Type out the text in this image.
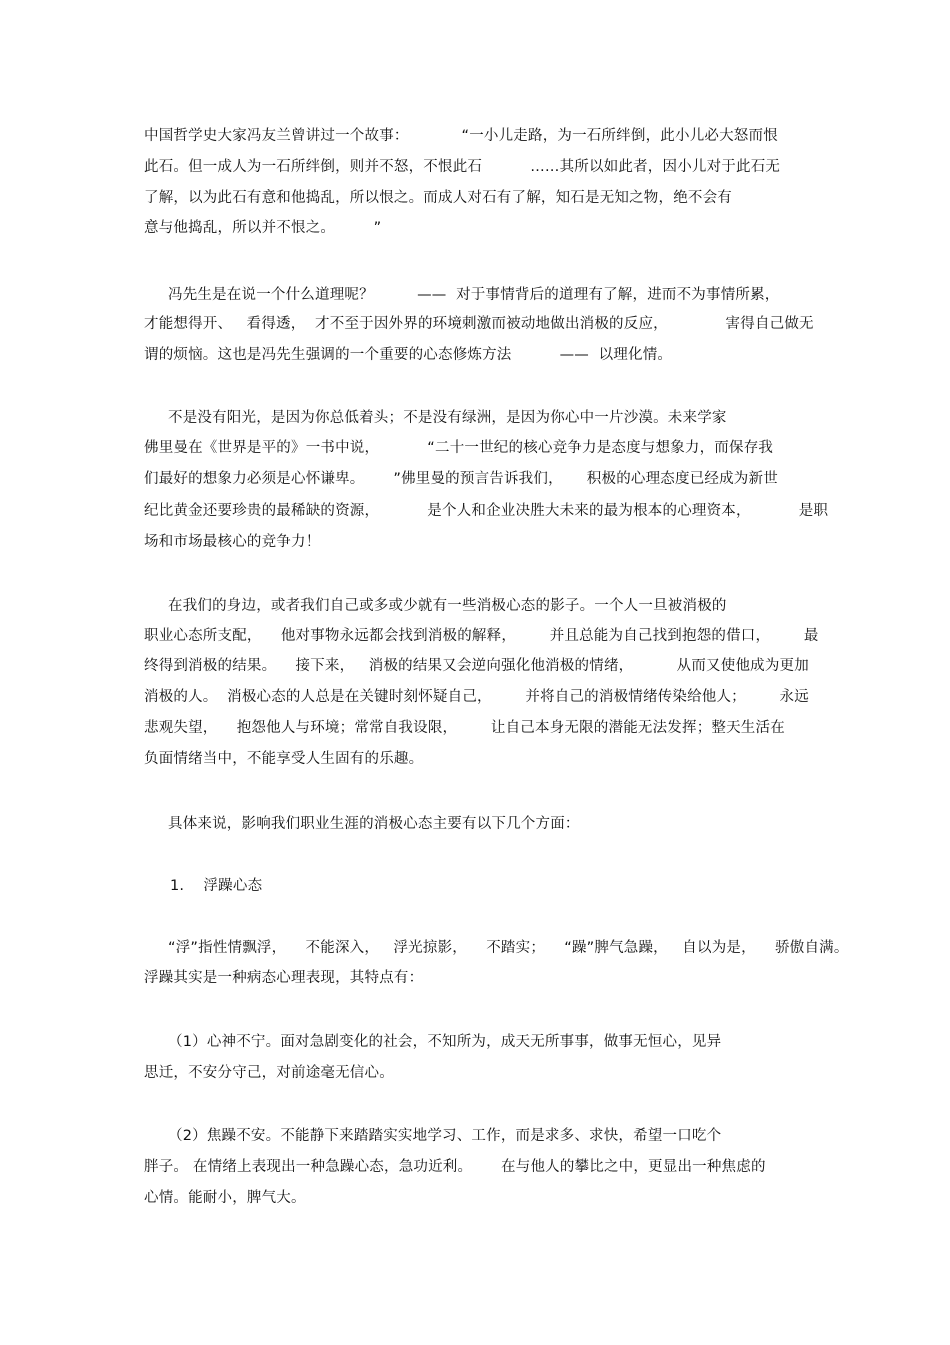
中国哲学史大家冯友兰曾讲过一个故事：           “一小儿走路，为一石所绊倒，此小儿必大怒而恨
此石。但一成人为一石所绊倒，则并不怒，不恨此石          ……其所以如此者，因小儿对于此石无
了解，以为此石有意和他捣乱，所以恨之。而成人对石有了解，知石是无知之物，绝不会有
意与他捣乱，所以并不恨之。        ”
冯先生是在说一个什么道理呢？         ——  对于事情背后的道理有了解，进而不为事情所累，
才能想得开、   看得透，  才不至于因外界的环境刺激而被动地做出消极的反应，            害得自己做无
谓的烦恼。这也是冯先生强调的一个重要的心态修炼方法          ——  以理化情。
不是没有阳光，是因为你总低着头；不是没有绿洲，是因为你心中一片沙漠。未来学家
佛里曼在《世界是平的》一书中说，          “二十一世纪的核心竞争力是态度与想象力，而保存我
们最好的想象力必须是心怀谦卑。      ”佛里曼的预言告诉我们，     积极的心理态度已经成为新世
纪比黄金还要珍贵的最稀缺的资源，          是个人和企业决胜大未来的最为根本的心理资本，          是职
场和市场最核心的竞争力！
在我们的身边，或者我们自己或多或少就有一些消极心态的影子。一个人一旦被消极的
职业心态所支配，    他对事物永远都会找到消极的解释，       并且总能为自己找到抱怨的借口，       最
终得到消极的结果。    接下来，   消极的结果又会逆向强化他消极的情绪，         从而又使他成为更加
消极的人。  消极心态的人总是在关键时刻怀疑自己，       并将自己的消极情绪传染给他人；       永远
悲观失望，    抱怨他人与环境；常常自我设限，       让自己本身无限的潜能无法发挥；整天生活在
负面情绪当中，不能享受人生固有的乐趣。
具体来说，影响我们职业生涯的消极心态主要有以下几个方面：
1.    浮躁心态
“浮”指性情飘浮，    不能深入，   浮光掠影，    不踏实；    “躁”脾气急躁，   自以为是，    骄傲自满。
浮躁其实是一种病态心理表现，其特点有：
（1）心神不宁。面对急剧变化的社会，不知所为，成天无所事事，做事无恒心，见异
思迁，不安分守己，对前途毫无信心。
（2）焦躁不安。不能静下来踏踏实实地学习、工作，而是求多、求快，希望一口吃个
胖子。 在情绪上表现出一种急躁心态，急功近利。      在与他人的攀比之中，更显出一种焦虑的
心情。能耐小，脾气大。
